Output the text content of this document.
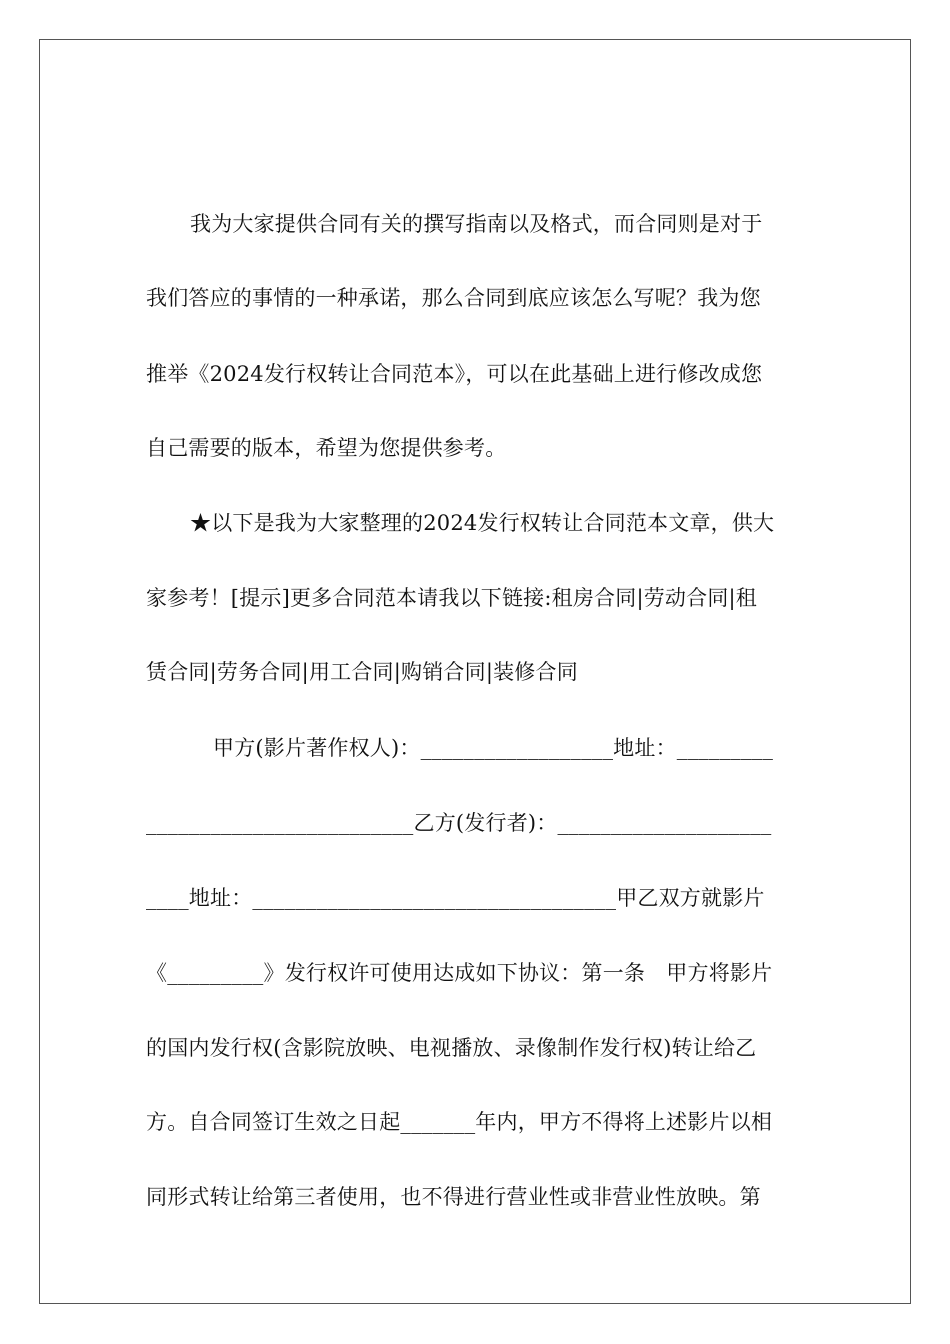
我为大家提供合同有关的撰写指南以及格式，而合同则是对于
我们答应的事情的一种承诺，那么合同到底应该怎么写呢？我为您
推举《2024发行权转让合同范本》，可以在此基础上进行修改成您
自己需要的版本，希望为您提供参考。
★以下是我为大家整理的2024发行权转让合同范本文章，供大
家参考！[提示]更多合同范本请我以下链接:租房合同|劳动合同|租
赁合同|劳务合同|用工合同|购销合同|装修合同
甲方(影片著作权人)：__________________地址：_________
_________________________乙方(发行者)：____________________
____地址：__________________________________甲乙双方就影片
《_________》发行权许可使用达成如下协议：第一条　甲方将影片
的国内发行权(含影院放映、电视播放、录像制作发行权)转让给乙
方。自合同签订生效之日起_______年内，甲方不得将上述影片以相
同形式转让给第三者使用，也不得进行营业性或非营业性放映。第
